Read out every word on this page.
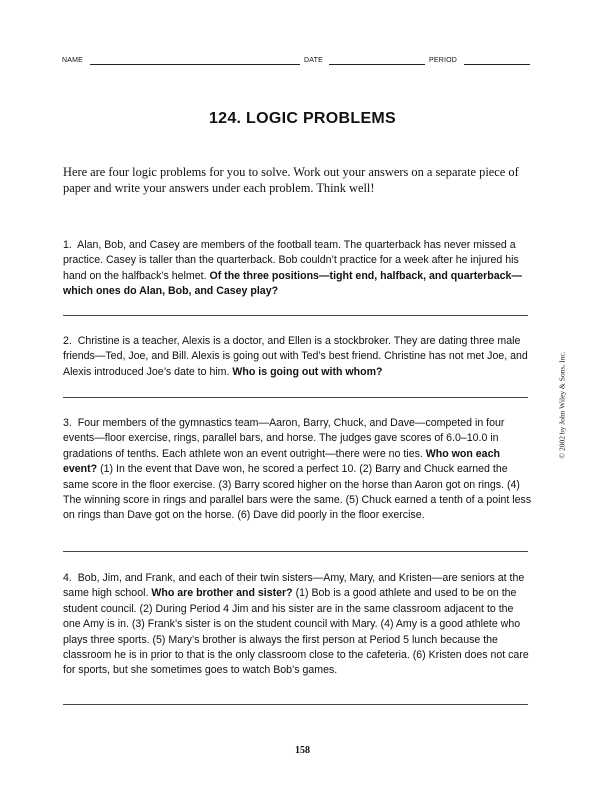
NAME	DATE	PERIOD
124. LOGIC PROBLEMS
Here are four logic problems for you to solve. Work out your answers on a separate piece of paper and write your answers under each problem. Think well!
1. Alan, Bob, and Casey are members of the football team. The quarterback has never missed a practice. Casey is taller than the quarterback. Bob couldn’t practice for a week after he injured his hand on the halfback’s helmet. Of the three positions—tight end, halfback, and quarterback—which ones do Alan, Bob, and Casey play?
2. Christine is a teacher, Alexis is a doctor, and Ellen is a stockbroker. They are dating three male friends—Ted, Joe, and Bill. Alexis is going out with Ted’s best friend. Christine has not met Joe, and Alexis introduced Joe’s date to him. Who is going out with whom?
3. Four members of the gymnastics team—Aaron, Barry, Chuck, and Dave—competed in four events—floor exercise, rings, parallel bars, and horse. The judges gave scores of 6.0–10.0 in gradations of tenths. Each athlete won an event outright—there were no ties. Who won each event? (1) In the event that Dave won, he scored a perfect 10. (2) Barry and Chuck earned the same score in the floor exercise. (3) Barry scored higher on the horse than Aaron got on rings. (4) The winning score in rings and parallel bars were the same. (5) Chuck earned a tenth of a point less on rings than Dave got on the horse. (6) Dave did poorly in the floor exercise.
4. Bob, Jim, and Frank, and each of their twin sisters—Amy, Mary, and Kristen—are seniors at the same high school. Who are brother and sister? (1) Bob is a good athlete and used to be on the student council. (2) During Period 4 Jim and his sister are in the same classroom adjacent to the one Amy is in. (3) Frank’s sister is on the student council with Mary. (4) Amy is a good athlete who plays three sports. (5) Mary’s brother is always the first person at Period 5 lunch because the classroom he is in prior to that is the only classroom close to the cafeteria. (6) Kristen does not care for sports, but she sometimes goes to watch Bob’s games.
© 2002 by John Wiley & Sons, Inc.
158
